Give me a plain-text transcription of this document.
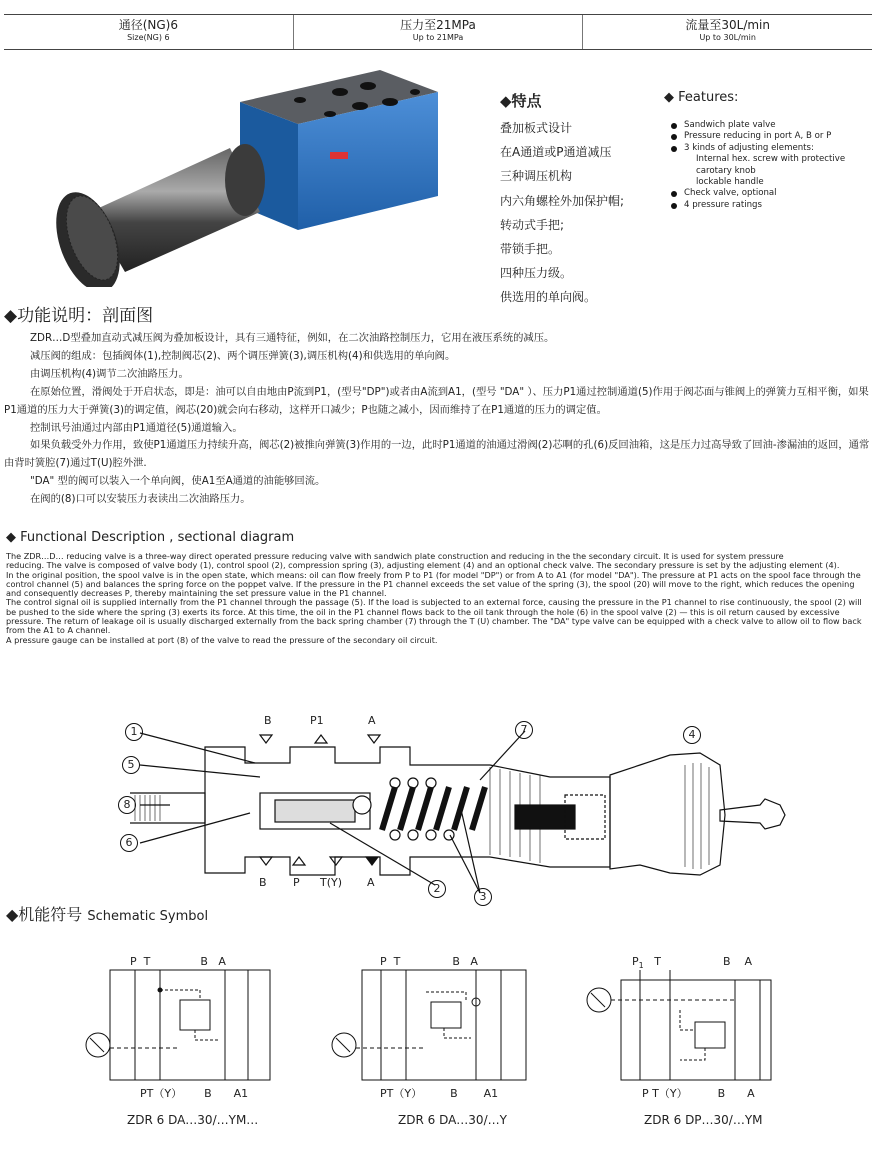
通径(NG)6
Size(NG) 6
压力至21MPa
Up to 21MPa
流量至30L/min
Up to 30L/min
◆特点
叠加板式设计
在A通道或P通道减压
三种调压机构
内六角螺栓外加保护帽;
转动式手把;
带锁手把。
四种压力级。
供选用的单向阀。
◆ Features:
Sandwich plate valve
Pressure reducing in port A, B or P
3 kinds of adjusting elements:
Internal hex. screw with protective carotary knob
lockable handle
Check valve, optional
4 pressure ratings
◆功能说明：剖面图

ZDR…D型叠加直动式减压阀为叠加板设计，具有三通特征，例如，在二次油路控制压力，它用在液压系统的减压。

减压阀的组成：包插阀体(1),控制阀芯(2)、两个调压弹簧(3),调压机构(4)和供选用的单向阀。

由调压机构(4)调节二次油路压力。

在原始位置，滑阀处于开启状态，即是：油可以自由地由P流到P1，(型号"DP")或者由A流到A1，(型号 "DA" ）、压力P1通过控制通道(5)作用于阀芯面与锥阀上的弹簧力互相平衡，如果P1通道的压力大于弹簧(3)的调定值，阀芯(20)就会向右移动，这样开口减少；P也随之减小，因而维持了在P1通道的压力的调定值。

控制讯号油通过内部由P1通道径(5)通道输入。

如果负载受外力作用，致使P1通道压力持续升高，阀芯(2)被推向弹簧(3)作用的一边，此时P1通道的油通过滑阀(2)芯啊的孔(6)反回油箱，这是压力过高导致了回油-渗漏油的返回，通常由背时簧腔(7)通过T(U)腔外泄.

"DA" 型的阀可以装入一个单向阀，使A1至A通道的油能够回流。

在阀的(8)口可以安装压力表读出二次油路压力。

◆ Functional Description , sectional diagram

The ZDR…D… reducing valve is a three-way direct operated pressure reducing valve with sandwich plate construction and reducing in the the secondary circuit. It is used for system pressure

reducing. The valve is composed of valve body (1), control spool (2), compression spring (3), adjusting element (4) and an optional check valve. The secondary pressure is set by the adjusting element (4).

In the original position, the spool valve is in the open state, which means: oil can flow freely from P to P1 (for model "DP") or from A to A1 (for model "DA"). The pressure at P1 acts on the spool face through the control channel (5) and balances the spring force on the poppet valve. If the pressure in the P1 channel exceeds the set value of the spring (3), the spool (20) will move to the right, which reduces the opening and consequently decreases P, thereby maintaining the set pressure value in the P1 channel.

The control signal oil is supplied internally from the P1 channel through the passage (5). If the load is subjected to an external force, causing the pressure in the P1 channel to rise continuously, the spool (2) will be pushed to the side where the spring (3) exerts its force. At this time, the oil in the P1 channel flows back to the oil tank through the hole (6) in the spool valve (2) — this is oil return caused by excessive pressure. The return of leakage oil is usually discharged externally from the back spring chamber (7) through the T (U) chamber. The "DA" type valve can be equipped with a check valve to allow oil to flow back from the A1 to A channel.

A pressure gauge can be installed at port (8) of the valve to read the pressure of the secondary oil circuit.

B	P1	A
B P T(Y) A
1
5
8
6
7	4
2
3
◆机能符号 Schematic Symbol
P T	B A
PT（Y） B A1
ZDR 6 DA…30/…YM…
P T	B A
PT（Y）	B A1
ZDR 6 DA…30/…Y
$P_1$ T	B A
P T（Y）	B A
ZDR 6 DP…30/…YM
